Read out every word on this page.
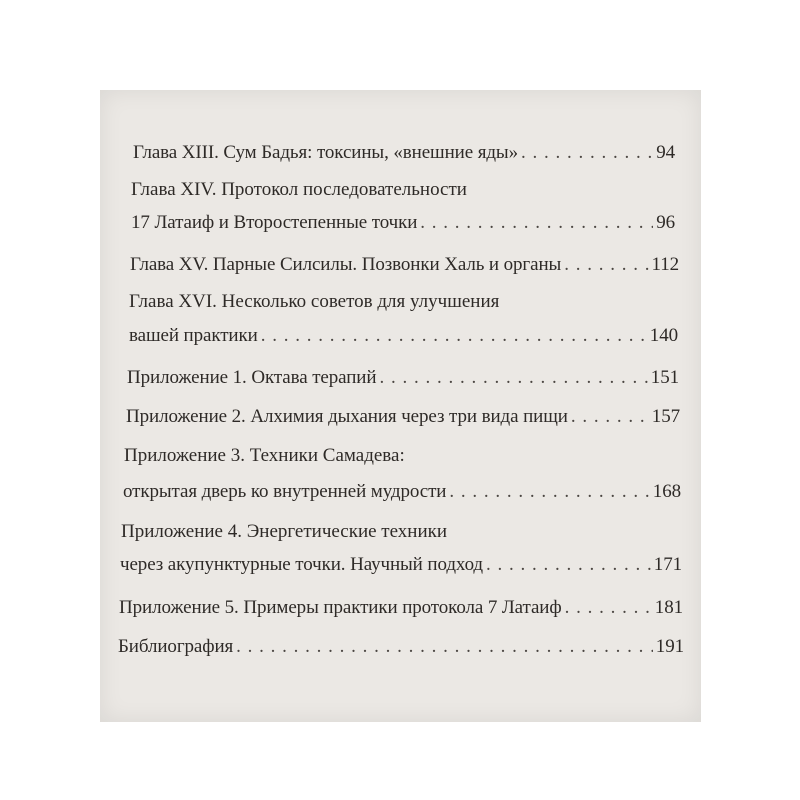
Глава XIII. Сум Бадья: токсины, «внешние яды» . . .	94
Глава XIV. Протокол последовательности
17 Латаиф и Второстепенные точки . . .	96
Глава XV. Парные Силсилы. Позвонки Халь и органы . . .	112
Глава XVI. Несколько советов для улучшения
вашей практики . . .	140
Приложение 1. Октава терапий . . .	151
Приложение 2. Алхимия дыхания через три вида пищи . . .	157
Приложение 3. Техники Самадева:
открытая дверь ко внутренней мудрости . . .	168
Приложение 4. Энергетические техники
через акупунктурные точки. Научный подход . . .	171
Приложение 5. Примеры практики протокола 7 Латаиф . . .	181
Библиография . . .	191
